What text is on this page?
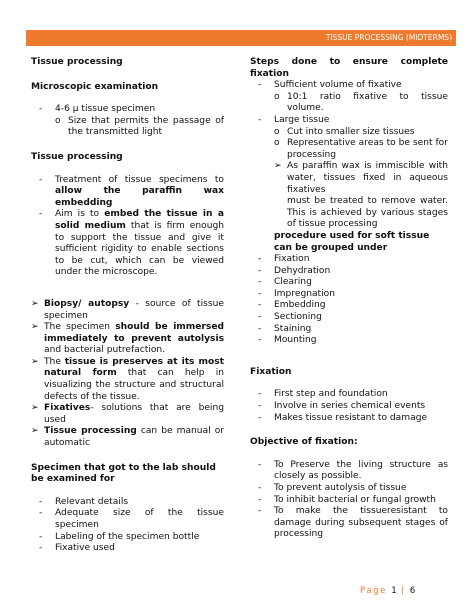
TISSUE PROCESSING (MIDTERMS)

Tissue processing

Microscopic examination

- 4-6 µ tissue specimen

o Size that permits the passage of the transmitted light

Tissue processing

- Treatment of tissue specimens to allow the paraffin wax embedding

- Aim is to embed the tissue in a solid medium that is firm enough to support the tissue and give it sufficient rigidity to enable sections to be cut, which can be viewed under the microscope.

➢ Biopsy/ autopsy - source of tissue specimen

➢ The specimen should be immersed immediately to prevent autolysis and bacterial putrefaction.

➢ The tissue is preserves at its most natural form that can help in visualizing the structure and structural defects of the tissue.

➢ Fixatives- solutions that are being used

➢ Tissue processing can be manual or automatic

Specimen that got to the lab should be examined for

- Relevant details

- Adequate size of the tissue specimen

- Labeling of the specimen bottle

- Fixative used

Steps done to ensure complete fixation

- Sufficient volume of fixative

o 10:1 ratio fixative to tissue volume.

- Large tissue

o Cut into smaller size tissues

o Representative areas to be sent for processing

➢ As paraffin wax is immiscible with water, tissues fixed in aqueous fixatives

must be treated to remove water. This is achieved by various stages of tissue processing

procedure used for soft tissue can be grouped under

- Fixation

- Dehydration

- Clearing

- Impregnation

- Embedding

- Sectioning

- Staining

- Mounting

Fixation

- First step and foundation

- Involve in series chemical events

- Makes tissue resistant to damage

Objective of fixation:

- To Preserve the living structure as closely as possible.

- To prevent autolysis of tissue

- To inhibit bacterial or fungal growth

- To make the tissueresistant to damage during subsequent stages of processing

Page 1 | 6
